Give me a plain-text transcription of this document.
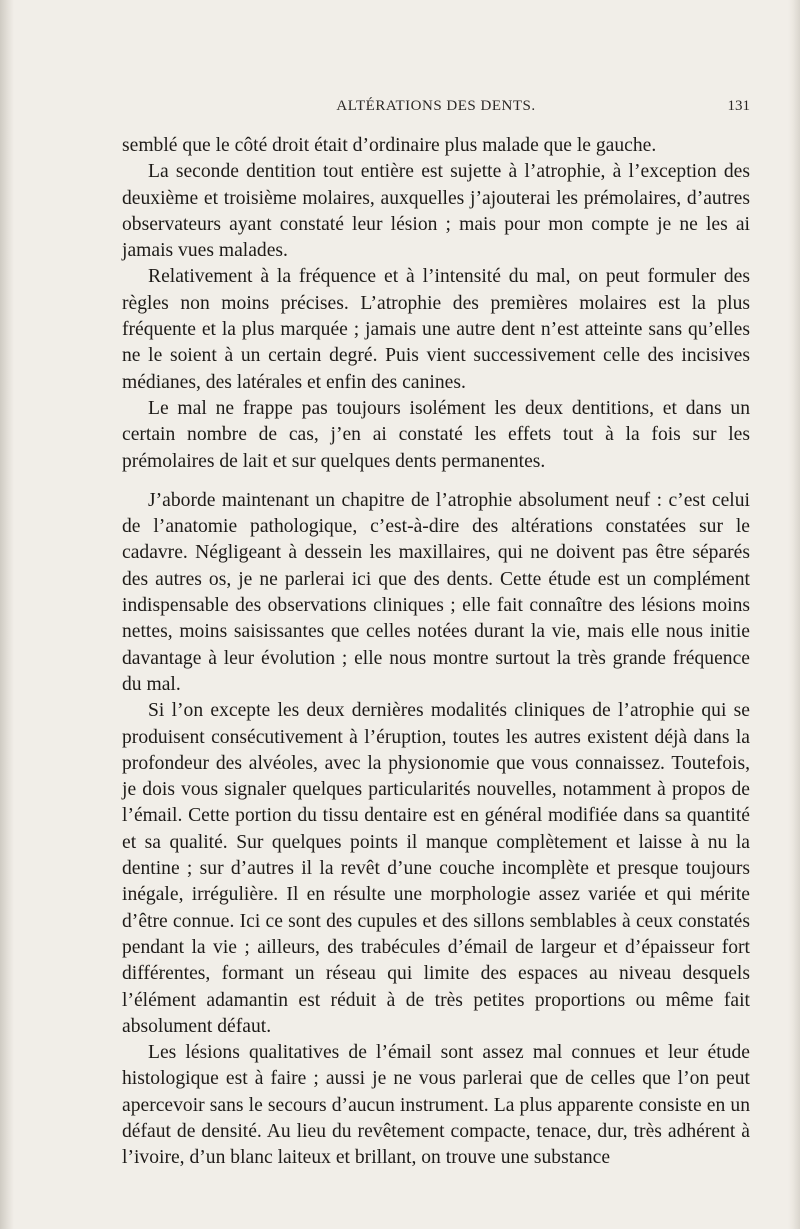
ALTÉRATIONS DES DENTS.	131

semblé que le côté droit était d’ordinaire plus malade que le gauche.

La seconde dentition tout entière est sujette à l’atrophie, à l’exception des deuxième et troisième molaires, auxquelles j’ajouterai les prémolaires, d’autres observateurs ayant constaté leur lésion ; mais pour mon compte je ne les ai jamais vues malades.

Relativement à la fréquence et à l’intensité du mal, on peut formuler des règles non moins précises. L’atrophie des premières molaires est la plus fréquente et la plus marquée ; jamais une autre dent n’est atteinte sans qu’elles ne le soient à un certain degré. Puis vient successivement celle des incisives médianes, des latérales et enfin des canines.

Le mal ne frappe pas toujours isolément les deux dentitions, et dans un certain nombre de cas, j’en ai constaté les effets tout à la fois sur les prémolaires de lait et sur quelques dents permanentes.

J’aborde maintenant un chapitre de l’atrophie absolument neuf : c’est celui de l’anatomie pathologique, c’est-à-dire des altérations constatées sur le cadavre. Négligeant à dessein les maxillaires, qui ne doivent pas être séparés des autres os, je ne parlerai ici que des dents. Cette étude est un complément indispensable des observations cliniques ; elle fait connaître des lésions moins nettes, moins saisissantes que celles notées durant la vie, mais elle nous initie davantage à leur évolution ; elle nous montre surtout la très grande fréquence du mal.

Si l’on excepte les deux dernières modalités cliniques de l’atrophie qui se produisent consécutivement à l’éruption, toutes les autres existent déjà dans la profondeur des alvéoles, avec la physionomie que vous connaissez. Toutefois, je dois vous signaler quelques particularités nouvelles, notamment à propos de l’émail. Cette portion du tissu dentaire est en général modifiée dans sa quantité et sa qualité. Sur quelques points il manque complètement et laisse à nu la dentine ; sur d’autres il la revêt d’une couche incomplète et presque toujours inégale, irrégulière. Il en résulte une morphologie assez variée et qui mérite d’être connue. Ici ce sont des cupules et des sillons semblables à ceux constatés pendant la vie ; ailleurs, des trabécules d’émail de largeur et d’épaisseur fort différentes, formant un réseau qui limite des espaces au niveau desquels l’élément adamantin est réduit à de très petites proportions ou même fait absolument défaut.

Les lésions qualitatives de l’émail sont assez mal connues et leur étude histologique est à faire ; aussi je ne vous parlerai que de celles que l’on peut apercevoir sans le secours d’aucun instrument. La plus apparente consiste en un défaut de densité. Au lieu du revêtement compacte, tenace, dur, très adhérent à l’ivoire, d’un blanc laiteux et brillant, on trouve une substance
